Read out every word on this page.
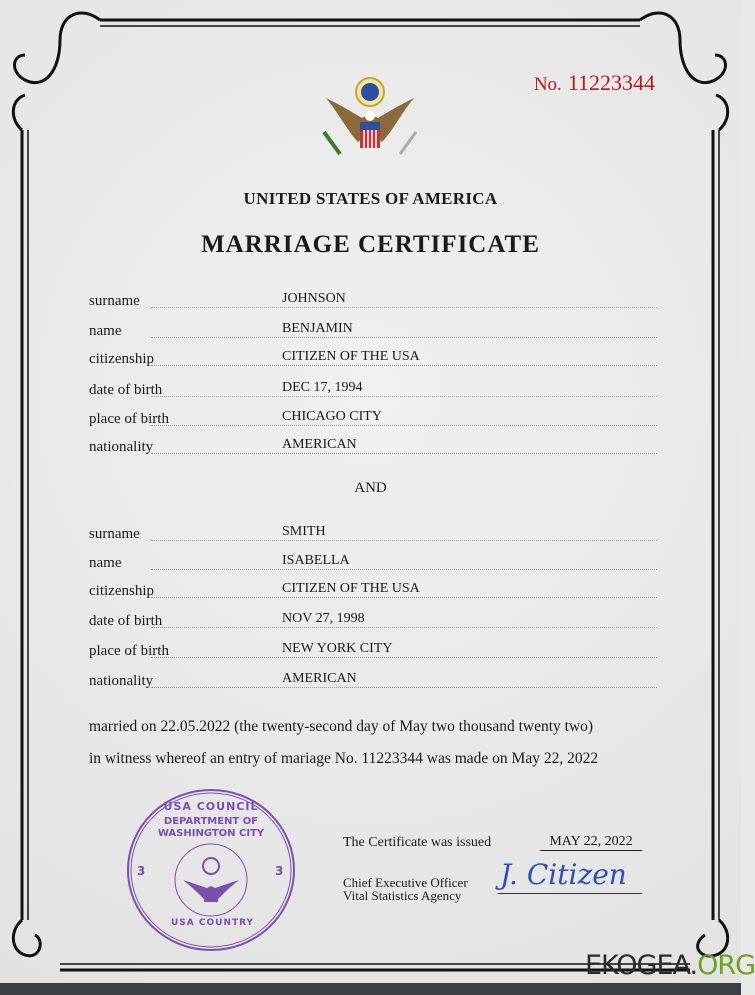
No. 11223344
UNITED STATES OF AMERICA
MARRIAGE CERTIFICATE
surname	JOHNSON
name	BENJAMIN
citizenship	CITIZEN OF THE USA
date of birth	DEC 17, 1994
place of birth	CHICAGO CITY
nationality	AMERICAN
AND
surname	SMITH
name	ISABELLA
citizenship	CITIZEN OF THE USA
date of birth	NOV 27, 1998
place of birth	NEW YORK CITY
nationality	AMERICAN
married on 22.05.2022 (the twenty-second day of May two thousand twenty two)
in witness whereof an entry of mariage No. 11223344 was made on May 22, 2022
USA COUNCIL
DEPARTMENT OF WASHINGTON CITY
3	3
USA COUNTRY
The Certificate was issued	MAY 22, 2022
Chief Executive Officer
Vital Statistics Agency
J. Citizen
EKOGEA.ORG
